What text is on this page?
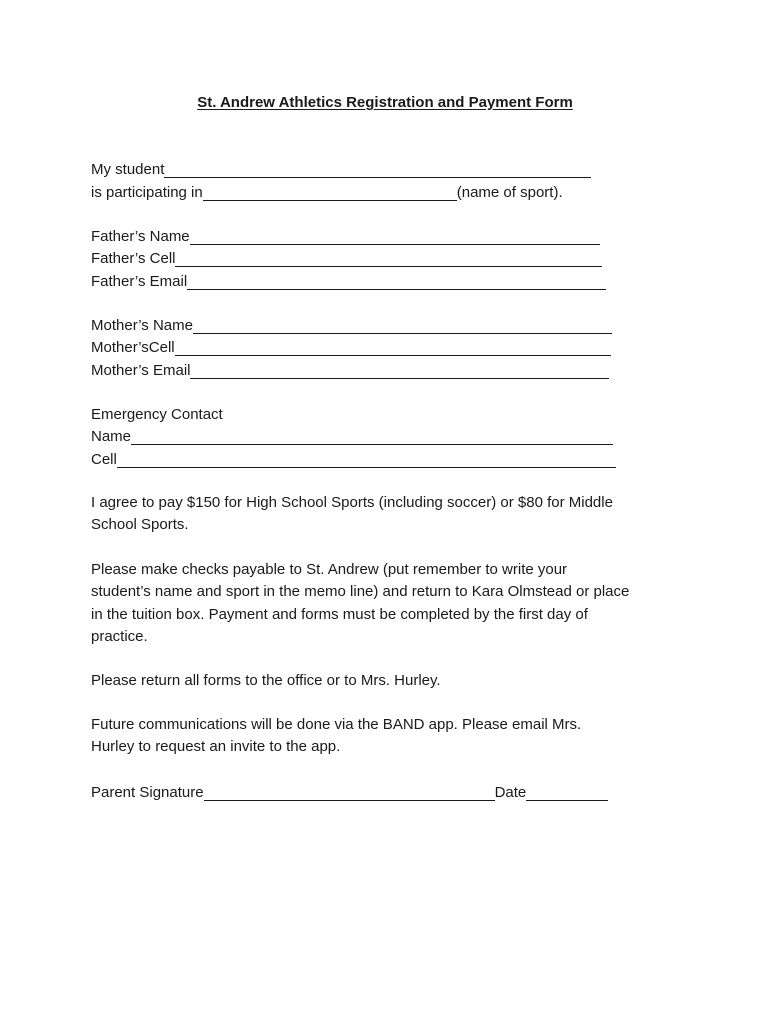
St. Andrew Athletics Registration and Payment Form
My student
is participating in	(name of sport).
Father’s Name
Father’s Cell
Father’s Email
Mother’s Name
Mother’sCell
Mother’s Email
Emergency Contact
Name
Cell
I agree to pay $150 for High School Sports (including soccer) or $80 for Middle
School Sports.
Please make checks payable to St. Andrew (put remember to write your
student’s name and sport in the memo line) and return to Kara Olmstead or place
in the tuition box. Payment and forms must be completed by the first day of
practice.
Please return all forms to the office or to Mrs. Hurley.
Future communications will be done via the BAND app. Please email Mrs.
Hurley to request an invite to the app.
Parent Signature	Date
